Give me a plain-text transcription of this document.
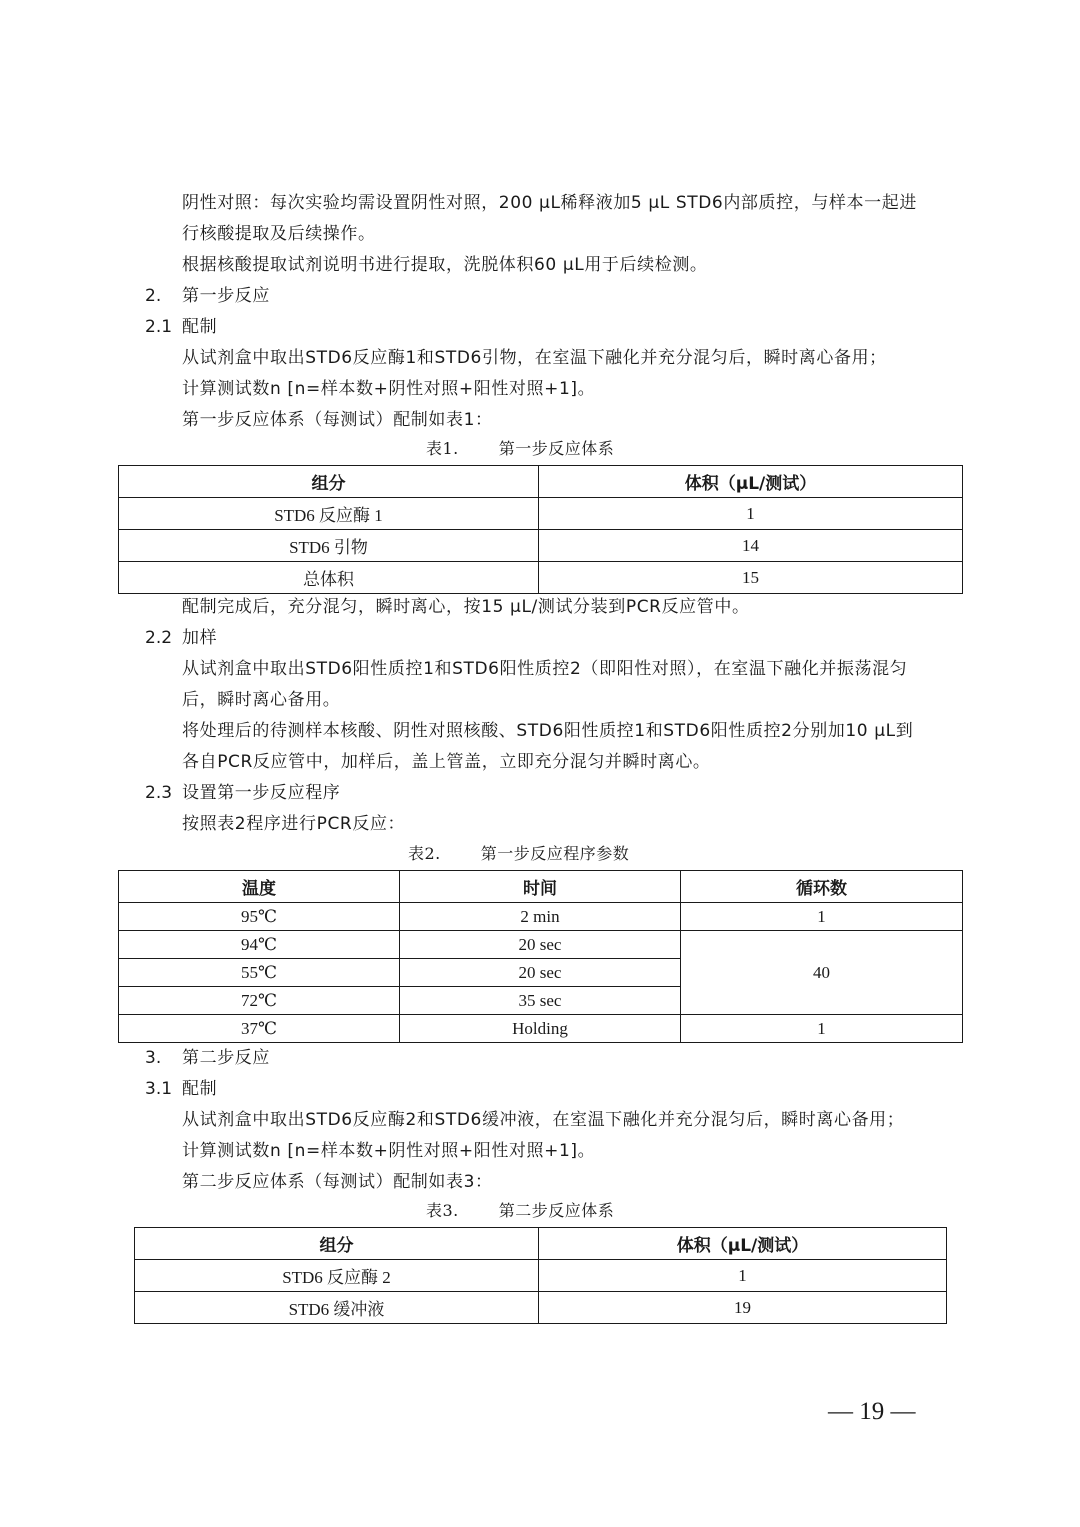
阴性对照：每次实验均需设置阴性对照，200 µL稀释液加5 µL STD6内部质控，与样本一起进
行核酸提取及后续操作。
根据核酸提取试剂说明书进行提取，洗脱体积60 µL用于后续检测。
2. 第一步反应
2.1 配制
从试剂盒中取出STD6反应酶1和STD6引物，在室温下融化并充分混匀后，瞬时离心备用；
计算测试数n [n=样本数+阴性对照+阳性对照+1]。
第一步反应体系（每测试）配制如表1：
表1.	第一步反应体系
组分	体积（µL/测试）
STD6 反应酶 1	1
STD6 引物	14
总体积	15
配制完成后，充分混匀，瞬时离心，按15 µL/测试分装到PCR反应管中。
2.2 加样
从试剂盒中取出STD6阳性质控1和STD6阳性质控2（即阳性对照），在室温下融化并振荡混匀
后，瞬时离心备用。
将处理后的待测样本核酸、阴性对照核酸、STD6阳性质控1和STD6阳性质控2分别加10 µL到
各自PCR反应管中，加样后，盖上管盖，立即充分混匀并瞬时离心。
2.3 设置第一步反应程序
按照表2程序进行PCR反应：
表2.	第一步反应程序参数
温度	时间	循环数
95℃	2 min	1
94℃	20 sec	40
55℃	20 sec	
72℃	35 sec	
37℃	Holding	1
3. 第二步反应
3.1 配制
从试剂盒中取出STD6反应酶2和STD6缓冲液，在室温下融化并充分混匀后，瞬时离心备用；
计算测试数n [n=样本数+阴性对照+阳性对照+1]。
第二步反应体系（每测试）配制如表3：
表3.	第二步反应体系
组分	体积（µL/测试）
STD6 反应酶 2	1
STD6 缓冲液	19
— 19 —
